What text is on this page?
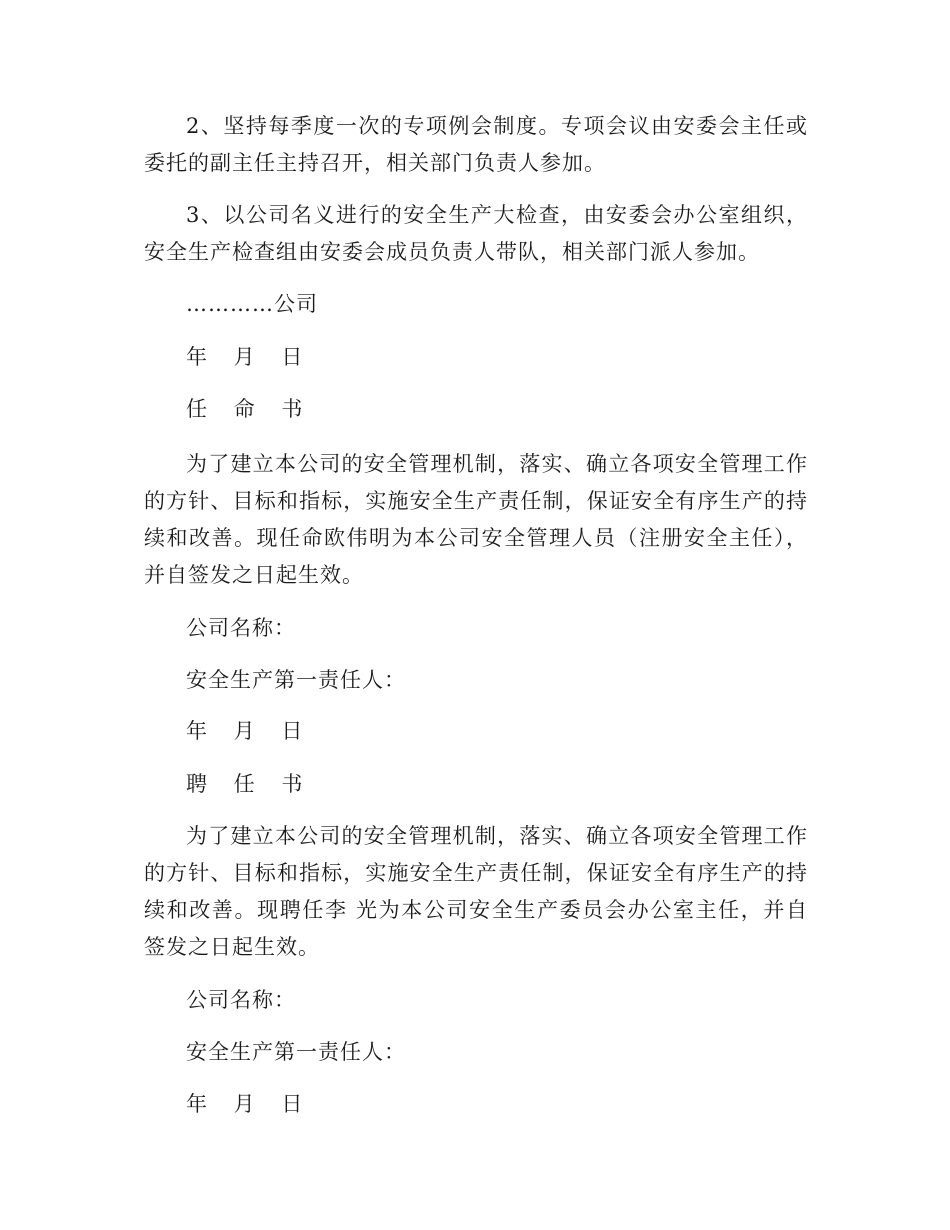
2、坚持每季度一次的专项例会制度。专项会议由安委会主任或委托的副主任主持召开，相关部门负责人参加。

3、以公司名义进行的安全生产大检查，由安委会办公室组织，安全生产检查组由安委会成员负责人带队，相关部门派人参加。

…………公司

年 月 日

任 命 书

为了建立本公司的安全管理机制，落实、确立各项安全管理工作的方针、目标和指标，实施安全生产责任制，保证安全有序生产的持续和改善。现任命欧伟明为本公司安全管理人员（注册安全主任），并自签发之日起生效。

公司名称：

安全生产第一责任人：

年 月 日

聘 任 书

为了建立本公司的安全管理机制，落实、确立各项安全管理工作的方针、目标和指标，实施安全生产责任制，保证安全有序生产的持续和改善。现聘任李 光为本公司安全生产委员会办公室主任，并自签发之日起生效。

公司名称：

安全生产第一责任人：

年 月 日
